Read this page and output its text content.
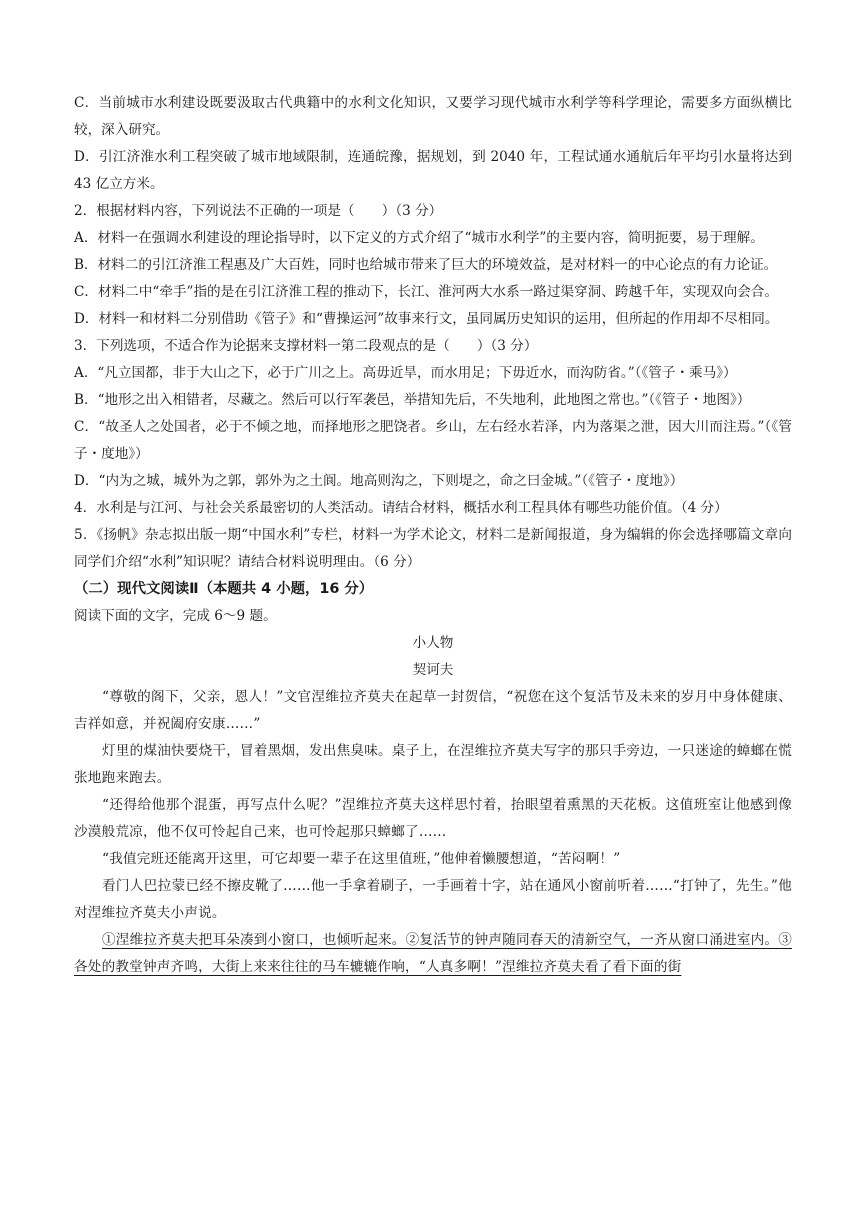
C．当前城市水利建设既要汲取古代典籍中的水利文化知识，又要学习现代城市水利学等科学理论，需要多方面纵横比较，深入研究。

D．引江济淮水利工程突破了城市地域限制，连通皖豫，据规划，到 2040 年，工程试通水通航后年平均引水量将达到 43 亿立方米。

2．根据材料内容，下列说法不正确的一项是（　　）（3 分）

A．材料一在强调水利建设的理论指导时，以下定义的方式介绍了“城市水利学”的主要内容，简明扼要，易于理解。

B．材料二的引江济淮工程惠及广大百姓，同时也给城市带来了巨大的环境效益，是对材料一的中心论点的有力论证。

C．材料二中“牵手”指的是在引江济淮工程的推动下，长江、淮河两大水系一路过渠穿洞、跨越千年，实现双向会合。

D．材料一和材料二分别借助《管子》和“曹操运河”故事来行文，虽同属历史知识的运用，但所起的作用却不尽相同。

3．下列选项，不适合作为论据来支撑材料一第二段观点的是（　　）（3 分）

A．“凡立国都，非于大山之下，必于广川之上。高毋近旱，而水用足；下毋近水，而沟防省。”（《管子・乘马》）

B．“地形之出入相错者，尽藏之。然后可以行军袭邑，举措知先后，不失地利，此地图之常也。”（《管子・地图》）

C．“故圣人之处国者，必于不倾之地，而择地形之肥饶者。乡山，左右经水若泽，内为落渠之泄，因大川而注焉。”（《管子・度地》）

D．“内为之城，城外为之郭，郭外为之土阆。地高则沟之，下则堤之，命之曰金城。”（《管子・度地》）

4．水利是与江河、与社会关系最密切的人类活动。请结合材料，概括水利工程具体有哪些功能价值。（4 分）

5．《扬帆》杂志拟出版一期“中国水利”专栏，材料一为学术论文，材料二是新闻报道，身为编辑的你会选择哪篇文章向同学们介绍“水利”知识呢？请结合材料说明理由。（6 分）

（二）现代文阅读Ⅱ（本题共 4 小题，16 分）

阅读下面的文字，完成 6～9 题。

小人物

契诃夫

“尊敬的阁下，父亲，恩人！”文官涅维拉齐莫夫在起草一封贺信，“祝您在这个复活节及未来的岁月中身体健康、吉祥如意，并祝阖府安康……”

灯里的煤油快要烧干，冒着黑烟，发出焦臭味。桌子上，在涅维拉齐莫夫写字的那只手旁边，一只迷途的蟑螂在慌张地跑来跑去。

“还得给他那个混蛋，再写点什么呢？”涅维拉齐莫夫这样思忖着，抬眼望着熏黑的天花板。这值班室让他感到像沙漠般荒凉，他不仅可怜起自己来，也可怜起那只蟑螂了……

“我值完班还能离开这里，可它却要一辈子在这里值班，”他伸着懒腰想道，“苦闷啊！”

看门人巴拉蒙已经不擦皮靴了……他一手拿着刷子，一手画着十字，站在通风小窗前听着……“打钟了，先生。”他对涅维拉齐莫夫小声说。

①涅维拉齐莫夫把耳朵凑到小窗口，也倾听起来。②复活节的钟声随同春天的清新空气，一齐从窗口涌进室内。③各处的教堂钟声齐鸣，大街上来来往往的马车辘辘作响，“人真多啊！”涅维拉齐莫夫看了看下面的街
